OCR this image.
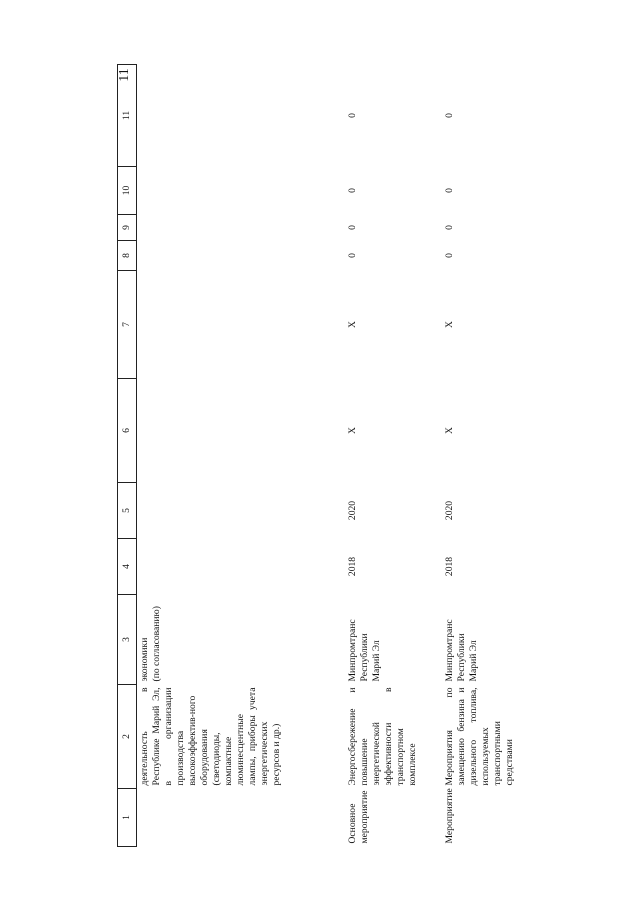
11
1	2	3	4	5	6	7	8	9	10	11

	деятельность в Республике Марий Эл, в организации производства высокоэффектив-ного оборудования (светодиоды, компактные люминесцентные лампы, приборы учета энергетических ресурсов и др.)	экономики (по согласованию)								

Основное мероприятие	Энергосбережение и повышение энергетической эффективности в транспортном комплексе	Минпромтранс Республики Марий Эл	2018	2020	X	X	0	0	0	0

Мероприятие	Мероприятия по замещению бензина и дизельного топлива, используемых транспортными средствами	Минпромтранс Республики Марий Эл	2018	2020	X	X	0	0	0	0
